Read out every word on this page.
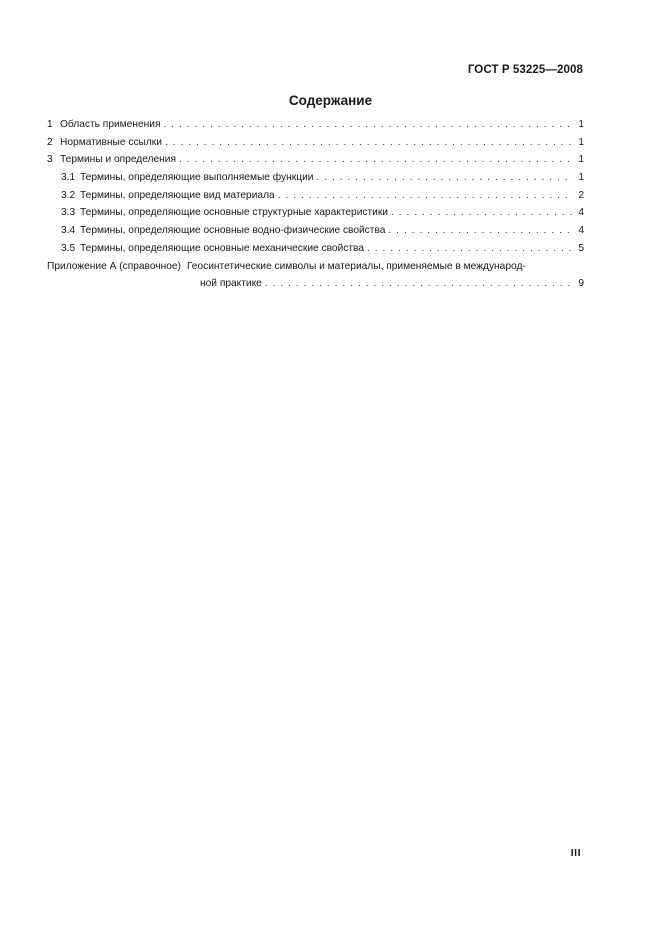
ГОСТ Р 53225—2008
Содержание
1 Область применения . . .	1
2 Нормативные ссылки . . .	1
3 Термины и определения . . .	1
3.1 Термины, определяющие выполняемые функции . . .	1
3.2 Термины, определяющие вид материала . . .	2
3.3 Термины, определяющие основные структурные характеристики . . .	4
3.4 Термины, определяющие основные водно-физические свойства . . .	4
3.5 Термины, определяющие основные механические свойства . . .	5
Приложение А (справочное) Геосинтетические символы и материалы, применяемые в международ-
ной практике . . .	9
III
